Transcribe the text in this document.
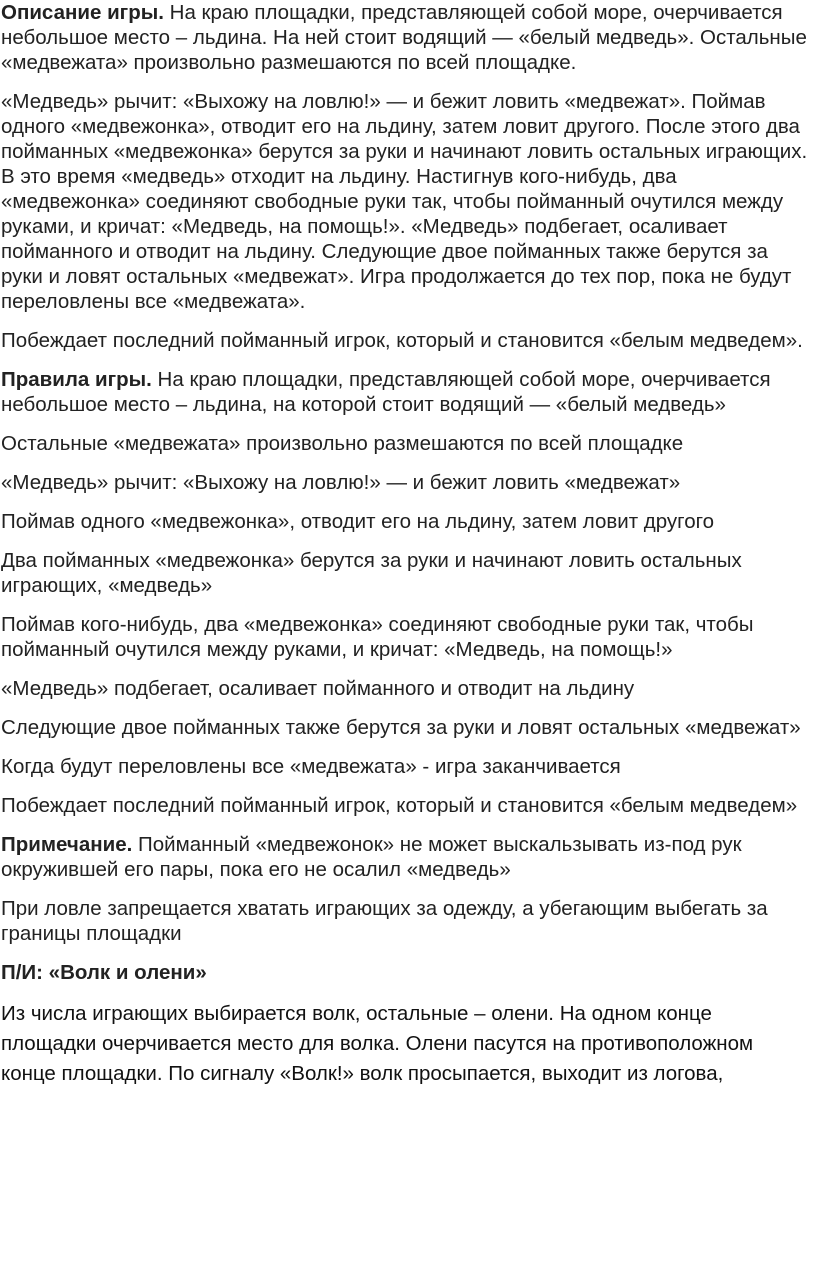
Описание игры. На краю площадки, представляющей собой море, очерчивается небольшое место – льдина. На ней стоит водящий — «белый медведь». Остальные «медвежата» произвольно размешаются по всей площадке.

«Медведь» рычит: «Выхожу на ловлю!» — и бежит ловить «медвежат». Поймав одного «медвежонка», отводит его на льдину, затем ловит другого. После этого два пойманных «медвежонка» берутся за руки и начинают ловить остальных играющих. В это время «медведь» отходит на льдину. Настигнув кого-нибудь, два «медвежонка» соединяют свободные руки так, чтобы пойманный очутился между руками, и кричат: «Медведь, на помощь!». «Медведь» подбегает, осаливает пойманного и отводит на льдину. Следующие двое пойманных также берутся за руки и ловят остальных «медвежат». Игра продолжается до тех пор, пока не будут переловлены все «медвежата».

Побеждает последний пойманный игрок, который и становится «белым медведем».

Правила игры. На краю площадки, представляющей собой море, очерчивается небольшое место – льдина, на которой стоит водящий — «белый медведь»

Остальные «медвежата» произвольно размешаются по всей площадке

«Медведь» рычит: «Выхожу на ловлю!» — и бежит ловить «медвежат»

Поймав одного «медвежонка», отводит его на льдину, затем ловит другого

Два пойманных «медвежонка» берутся за руки и начинают ловить остальных играющих, «медведь»

Поймав кого-нибудь, два «медвежонка» соединяют свободные руки так, чтобы пойманный очутился между руками, и кричат: «Медведь, на помощь!»

«Медведь» подбегает, осаливает пойманного и отводит на льдину

Следующие двое пойманных также берутся за руки и ловят остальных «медвежат»

Когда будут переловлены все «медвежата» - игра заканчивается

Побеждает последний пойманный игрок, который и становится «белым медведем»

Примечание. Пойманный «медвежонок» не может выскальзывать из-под рук окружившей его пары, пока его не осалил «медведь»

При ловле запрещается хватать играющих за одежду, а убегающим выбегать за границы площадки

П/И: «Волк и олени»

Из числа играющих выбирается волк, остальные – олени. На одном конце площадки очерчивается место для волка. Олени пасутся на противоположном конце площадки. По сигналу «Волк!» волк просыпается, выходит из логова,
